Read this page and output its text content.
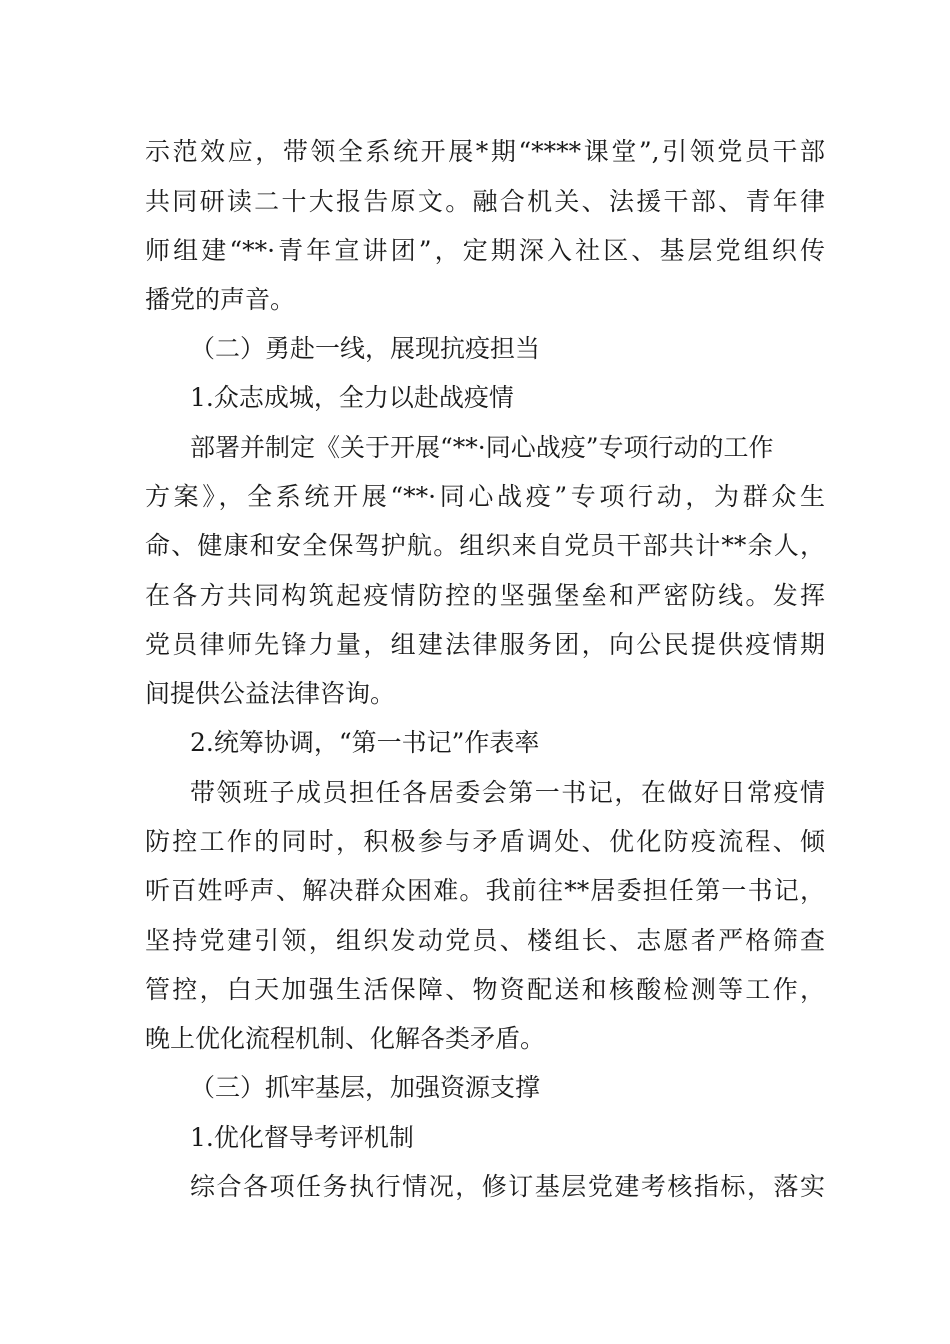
示范效应，带领全系统开展*期“****课堂”,引领党员干部
共同研读二十大报告原文。融合机关、法援干部、青年律
师组建“**·青年宣讲团”，定期深入社区、基层党组织传
播党的声音。
（二）勇赴一线，展现抗疫担当
1.众志成城，全力以赴战疫情
部署并制定《关于开展“**·同心战疫”专项行动的工作
方案》，全系统开展“**·同心战疫”专项行动，为群众生
命、健康和安全保驾护航。组织来自党员干部共计**余人，
在各方共同构筑起疫情防控的坚强堡垒和严密防线。发挥
党员律师先锋力量，组建法律服务团，向公民提供疫情期
间提供公益法律咨询。
2.统筹协调，“第一书记”作表率
带领班子成员担任各居委会第一书记，在做好日常疫情
防控工作的同时，积极参与矛盾调处、优化防疫流程、倾
听百姓呼声、解决群众困难。我前往**居委担任第一书记，
坚持党建引领，组织发动党员、楼组长、志愿者严格筛查
管控，白天加强生活保障、物资配送和核酸检测等工作，
晚上优化流程机制、化解各类矛盾。
（三）抓牢基层，加强资源支撑
1.优化督导考评机制
综合各项任务执行情况，修订基层党建考核指标，落实
